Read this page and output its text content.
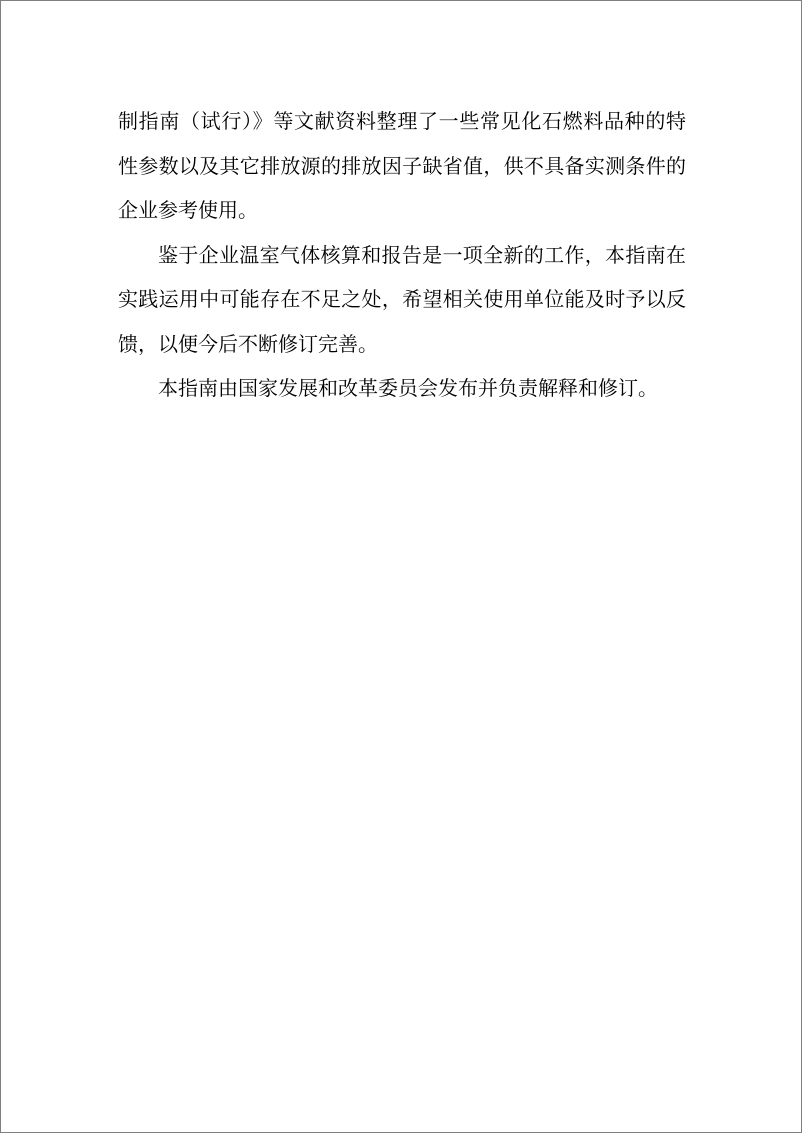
制指南（试行）》等文献资料整理了一些常见化石燃料品种的特性参数以及其它排放源的排放因子缺省值，供不具备实测条件的企业参考使用。

鉴于企业温室气体核算和报告是一项全新的工作，本指南在实践运用中可能存在不足之处，希望相关使用单位能及时予以反馈，以便今后不断修订完善。

本指南由国家发展和改革委员会发布并负责解释和修订。
